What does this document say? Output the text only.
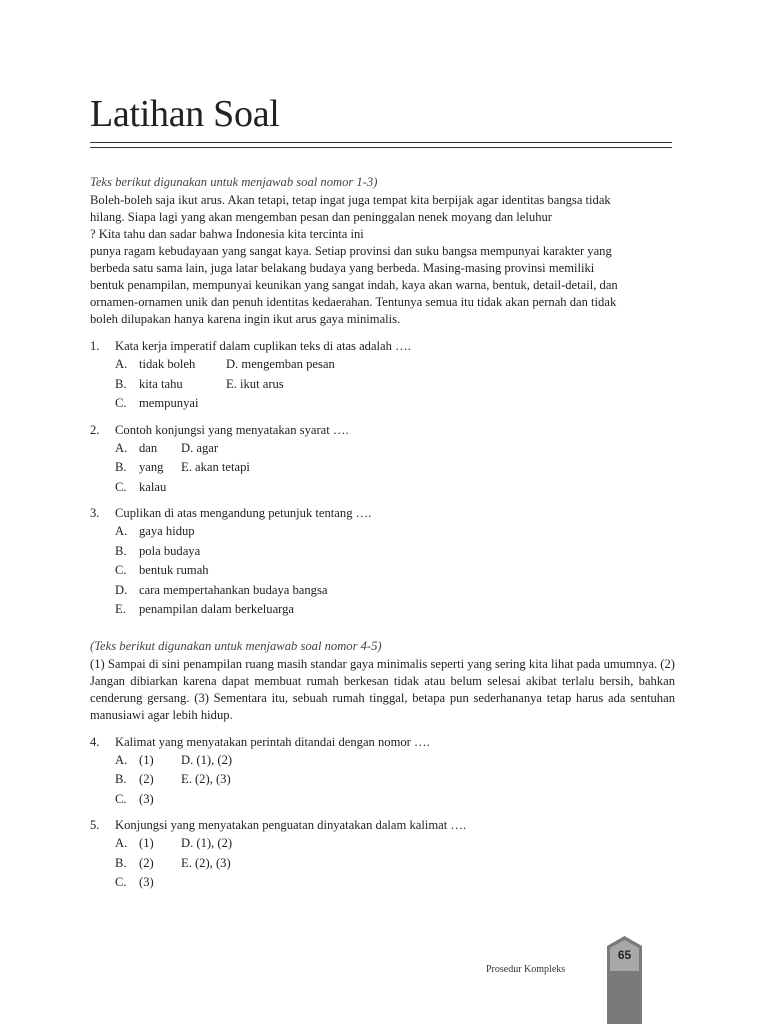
Latihan Soal

Teks berikut digunakan untuk menjawab soal nomor 1-3)

Boleh-boleh saja ikut arus. Akan tetapi, tetap ingat juga tempat kita berpijak agar identitas bangsa tidak
hilang. Siapa lagi yang akan mengemban pesan dan peninggalan nenek moyang dan leluhur
? Kita tahu dan sadar bahwa Indonesia kita tercinta ini
punya ragam kebudayaan yang sangat kaya. Setiap provinsi dan suku bangsa mempunyai karakter yang
berbeda satu sama lain, juga latar belakang budaya yang berbeda. Masing-masing provinsi memiliki
bentuk penampilan, mempunyai keunikan yang sangat indah, kaya akan warna, bentuk, detail-detail, dan
ornamen-ornamen unik dan penuh identitas kedaerahan. Tentunya semua itu tidak akan pernah dan tidak
boleh dilupakan hanya karena ingin ikut arus gaya minimalis.
1.	Kata kerja imperatif dalam cuplikan teks di atas adalah ….
A. tidak boleh	D. mengemban pesan
B. kita tahu	E. ikut arus
C. mempunyai
2.	Contoh konjungsi yang menyatakan syarat ….
A. dan	D. agar
B. yang	E. akan tetapi
C. kalau
3.	Cuplikan di atas mengandung petunjuk tentang ….
A. gaya hidup
B. pola budaya
C. bentuk rumah
D. cara mempertahankan budaya bangsa
E.	penampilan dalam berkeluarga

(Teks berikut digunakan untuk menjawab soal nomor 4-5)

(1) Sampai di sini penampilan ruang masih standar gaya minimalis seperti yang sering kita lihat pada umumnya. (2) Jangan dibiarkan karena dapat membuat rumah berkesan tidak atau belum selesai akibat terlalu bersih, bahkan cenderung gersang. (3) Sementara itu, sebuah rumah tinggal, betapa pun sederhananya tetap harus ada sentuhan manusiawi agar lebih hidup.

4.	Kalimat yang menyatakan perintah ditandai dengan nomor ….
A. (1)	D. (1), (2)
B. (2)	E. (2), (3)
C. (3)
5.	Konjungsi yang menyatakan penguatan dinyatakan dalam kalimat ….
A. (1)	D. (1), (2)
B. (2)	E. (2), (3)
C. (3)
Prosedur Kompleks
65
